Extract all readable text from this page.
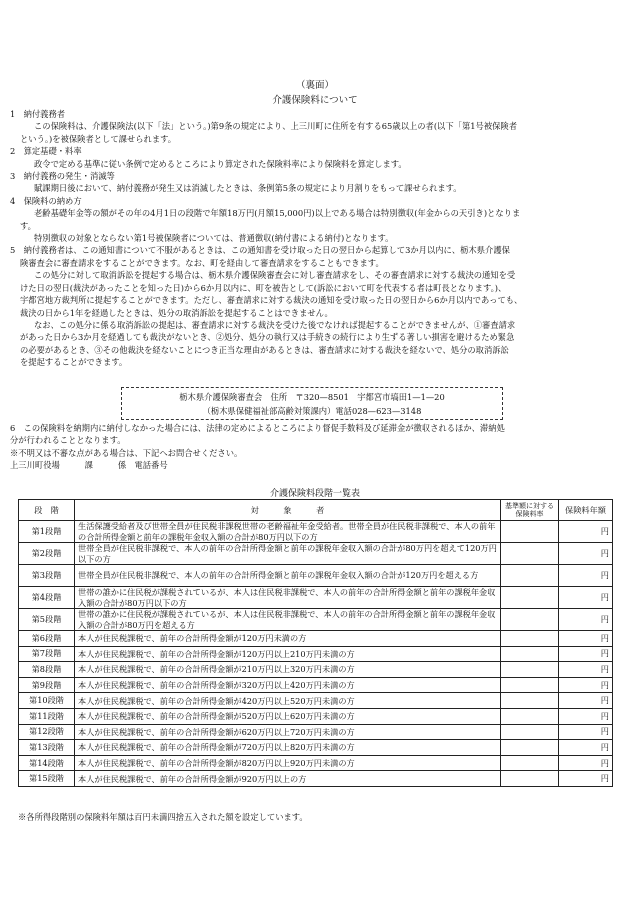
（裏面）
介護保険料について

1　納付義務者

この保険料は、介護保険法(以下「法」という。)第9条の規定により、上三川町に住所を有する65歳以上の者(以下「第1号被保険者

という。)を被保険者として課せられます。

2　算定基礎・料率

政令で定める基準に従い条例で定めるところにより算定された保険料率により保険料を算定します。

3　納付義務の発生・消滅等

賦課期日後において、納付義務が発生又は消滅したときは、条例第5条の規定により月割りをもって課せられます。

4　保険料の納め方

老齢基礎年金等の額がその年の4月1日の段階で年額18万円(月額15,000円)以上である場合は特別徴収(年金からの天引き)となりま

す。

特別徴収の対象とならない第1号被保険者については、普通徴収(納付書による納付)となります。

5　納付義務者は、この通知書について不服があるときは、この通知書を受け取った日の翌日から起算して3か月以内に、栃木県介護保

険審査会に審査請求をすることができます。なお、町を経由して審査請求をすることもできます。

この処分に対して取消訴訟を提起する場合は、栃木県介護保険審査会に対し審査請求をし、その審査請求に対する裁決の通知を受

けた日の翌日(裁決があったことを知った日)から6か月以内に、町を被告として(訴訟において町を代表する者は町長となります。)、

宇都宮地方裁判所に提起することができます。ただし、審査請求に対する裁決の通知を受け取った日の翌日から6か月以内であっても、

裁決の日から1年を経過したときは、処分の取消訴訟を提起することはできません。

なお、この処分に係る取消訴訟の提起は、審査請求に対する裁決を受けた後でなければ提起することができませんが、①審査請求

があった日から3か月を経過しても裁決がないとき、②処分、処分の執行又は手続きの続行により生ずる著しい損害を避けるため緊急

の必要があるとき、③その他裁決を経ないことにつき正当な理由があるときは、審査請求に対する裁決を経ないで、処分の取消訴訟

を提起することができます。

栃木県介護保険審査会　住所　〒320—8501　宇都宮市塙田1—1—20
（栃木県保健福祉部高齢対策課内）電話028—623—3148

6　この保険料を納期内に納付しなかった場合には、法律の定めによるところにより督促手数料及び延滞金が徴収されるほか、滞納処

分が行われることとなります。

※不明又は不審な点がある場合は、下記へお問合せください。

上三川町役場　　　課　　　係　電話番号

介護保険料段階一覧表
段　階	対　　　象　　　者	基準額に対する保険料率	保険料年額
第1段階	生活保護受給者及び世帯全員が住民税非課税世帯の老齢福祉年金受給者。世帯全員が住民税非課税で、本人の前年の合計所得金額と前年の課税年金収入額の合計が80万円以下の方		円
第2段階	世帯全員が住民税非課税で、本人の前年の合計所得金額と前年の課税年金収入額の合計が80万円を超えて120万円以下の方		円
第3段階	世帯全員が住民税非課税で、本人の前年の合計所得金額と前年の課税年金収入額の合計が120万円を超える方		円
第4段階	世帯の誰かに住民税が課税されているが、本人は住民税非課税で、本人の前年の合計所得金額と前年の課税年金収入額の合計が80万円以下の方		円
第5段階	世帯の誰かに住民税が課税されているが、本人は住民税非課税で、本人の前年の合計所得金額と前年の課税年金収入額の合計が80万円を超える方		円
第6段階	本人が住民税課税で、前年の合計所得金額が120万円未満の方		円
第7段階	本人が住民税課税で、前年の合計所得金額が120万円以上210万円未満の方		円
第8段階	本人が住民税課税で、前年の合計所得金額が210万円以上320万円未満の方		円
第9段階	本人が住民税課税で、前年の合計所得金額が320万円以上420万円未満の方		円
第10段階	本人が住民税課税で、前年の合計所得金額が420万円以上520万円未満の方		円
第11段階	本人が住民税課税で、前年の合計所得金額が520万円以上620万円未満の方		円
第12段階	本人が住民税課税で、前年の合計所得金額が620万円以上720万円未満の方		円
第13段階	本人が住民税課税で、前年の合計所得金額が720万円以上820万円未満の方		円
第14段階	本人が住民税課税で、前年の合計所得金額が820万円以上920万円未満の方		円
第15段階	本人が住民税課税で、前年の合計所得金額が920万円以上の方		円
※各所得段階別の保険料年額は百円未満四捨五入された額を設定しています。
